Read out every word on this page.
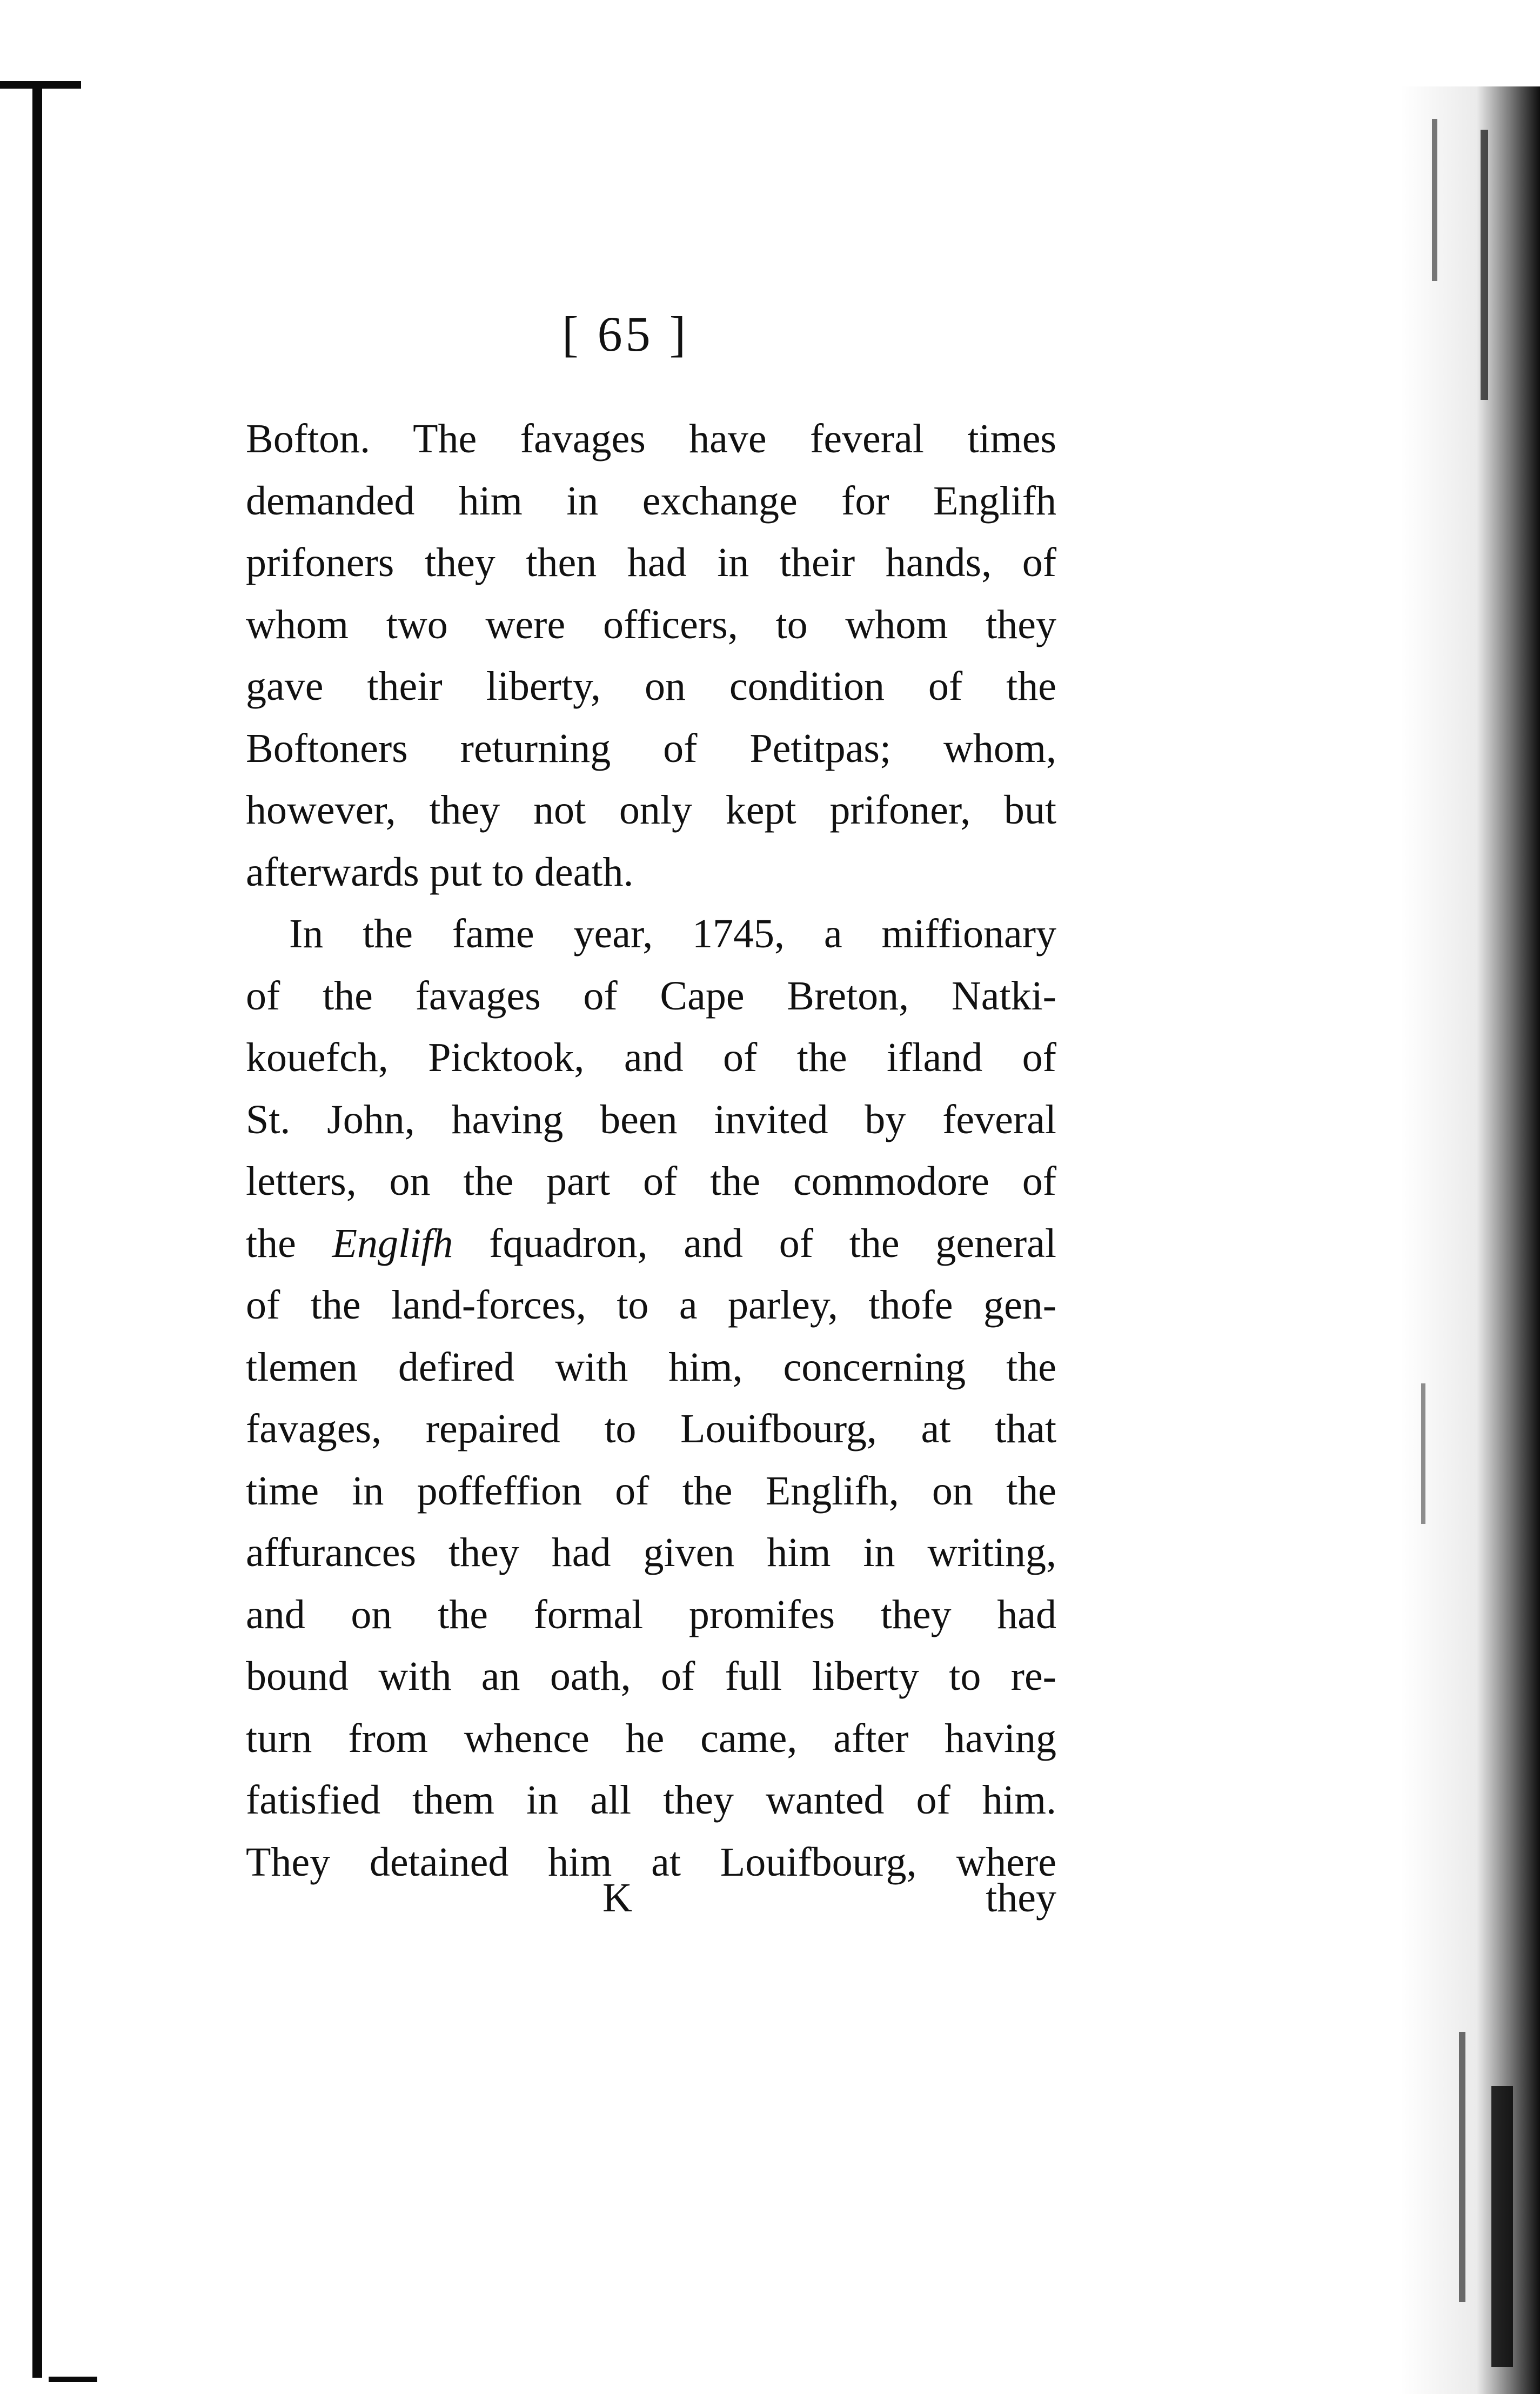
[ 65 ]
Bofton. The favages have feveral times
demanded him in exchange for Englifh
prifoners they then had in their hands, of
whom two were officers, to whom they
gave their liberty, on condition of the
Boftoners returning of Petitpas; whom,
however, they not only kept prifoner, but
afterwards put to death.
In the fame year, 1745, a miffionary
of the favages of Cape Breton, Natki-
kouefch, Picktook, and of the ifland of
St. John, having been invited by feveral
letters, on the part of the commodore of
the Englifh fquadron, and of the general
of the land-forces, to a parley, thofe gen-
tlemen defired with him, concerning the
favages, repaired to Louifbourg, at that
time in poffeffion of the Englifh, on the
affurances they had given him in writing,
and on the formal promifes they had
bound with an oath, of full liberty to re-
turn from whence he came, after having
fatisfied them in all they wanted of him.
They detained him at Louifbourg, where
K	they
